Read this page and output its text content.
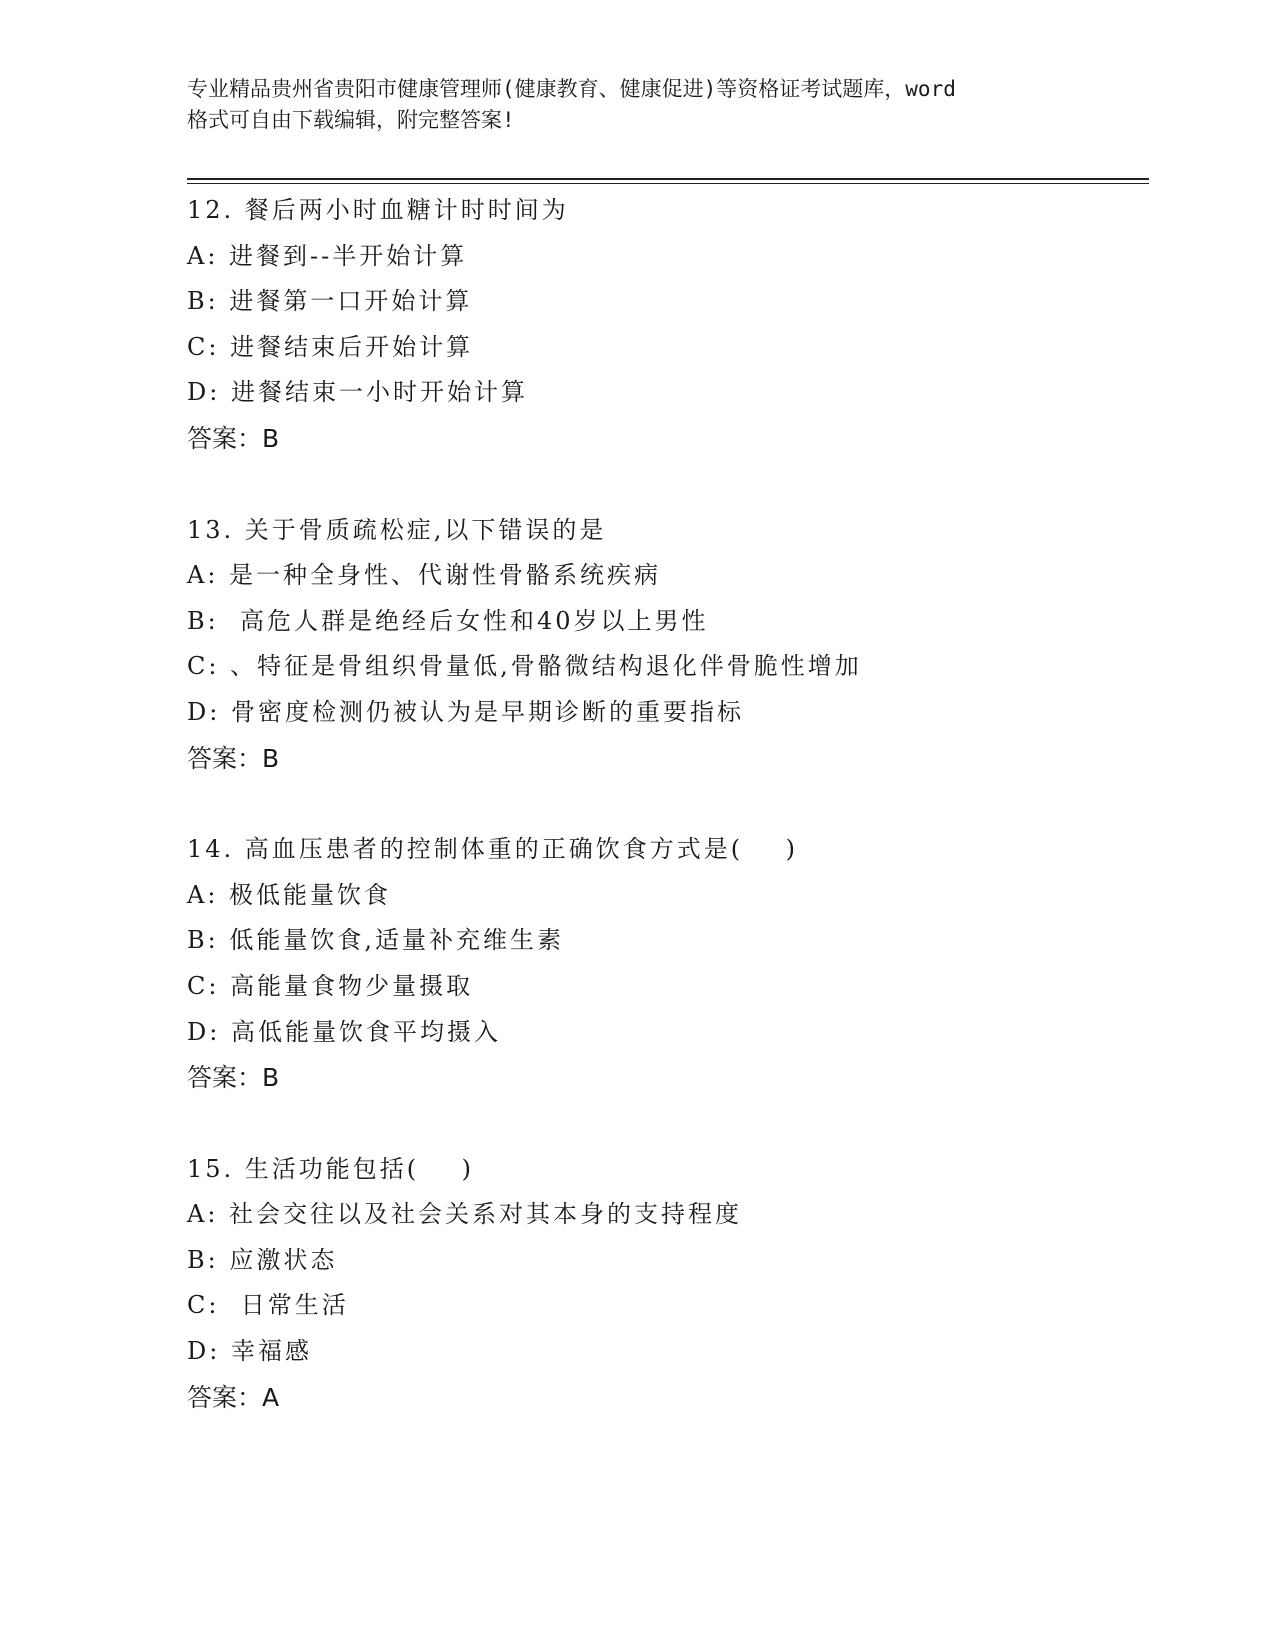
专业精品贵州省贵阳市健康管理师(健康教育、健康促进)等资格证考试题库，word
格式可自由下载编辑，附完整答案!
12. 餐后两小时血糖计时时间为
A: 进餐到--半开始计算
B: 进餐第一口开始计算
C: 进餐结束后开始计算
D: 进餐结束一小时开始计算
答案：B
13. 关于骨质疏松症,以下错误的是
A: 是一种全身性、代谢性骨骼系统疾病
B:  高危人群是绝经后女性和40岁以上男性
C: 、特征是骨组织骨量低,骨骼微结构退化伴骨脆性增加
D: 骨密度检测仍被认为是早期诊断的重要指标
答案：B
14. 高血压患者的控制体重的正确饮食方式是(    )
A: 极低能量饮食
B: 低能量饮食,适量补充维生素
C: 高能量食物少量摄取
D: 高低能量饮食平均摄入
答案：B
15. 生活功能包括(    )
A: 社会交往以及社会关系对其本身的支持程度
B: 应激状态
C:  日常生活
D: 幸福感
答案：A
